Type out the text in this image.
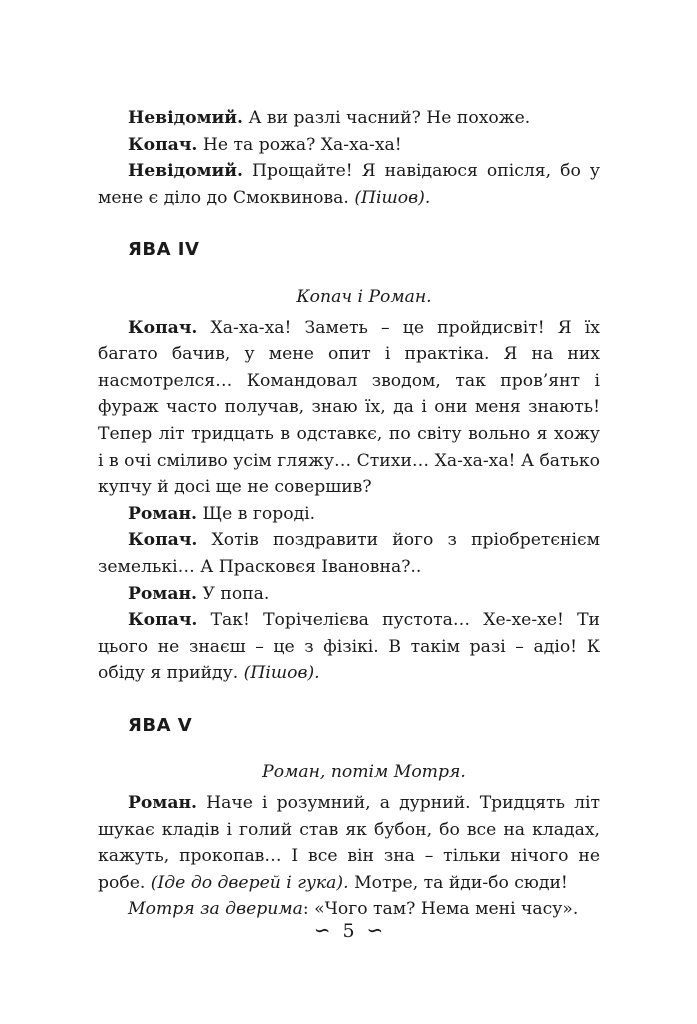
Невідомий. А ви разлі часний? Не похоже.

Копач. Не та рожа? Ха-ха-ха!

Невідомий. Прощайте! Я навідаюся опісля, бо у мене є діло до Смоквинова. (Пішов).

ЯВА IV

Копач і Роман.

Копач. Ха-ха-ха! Заметь – це пройдисвіт! Я їх багато бачив, у мене опит і практіка. Я на них насмотрелся… Командовал зводом, так пров’янт і фураж часто получав, знаю їх, да і они меня знають! Тепер літ тридцать в одставкє, по світу вольно я хожу і в очі сміливо усім гляжу… Стихи… Ха-ха-ха! А батько купчу й досі ще не совершив?

Роман. Ще в городі.

Копач. Хотів поздравити його з пріобретєнієм земелькі… А Прасковєя Івановна?..

Роман. У попа.

Копач. Так! Торічелієва пустота… Хе-хе-хе! Ти цього не знаєш – це з фізікі. В такім разі – адіо! К обіду я прийду. (Пішов).

ЯВА V

Роман, потім Мотря.

Роман. Наче і розумний, а дурний. Тридцять літ шукає кладів і голий став як бубон, бо все на кладах, кажуть, прокопав… І все він зна – тільки нічого не робе. (Іде до дверей і гука). Мотре, та йди-бо сюди!

Мотря за дверима: «Чого там? Нема мені часу».

∽ 5 ∽
